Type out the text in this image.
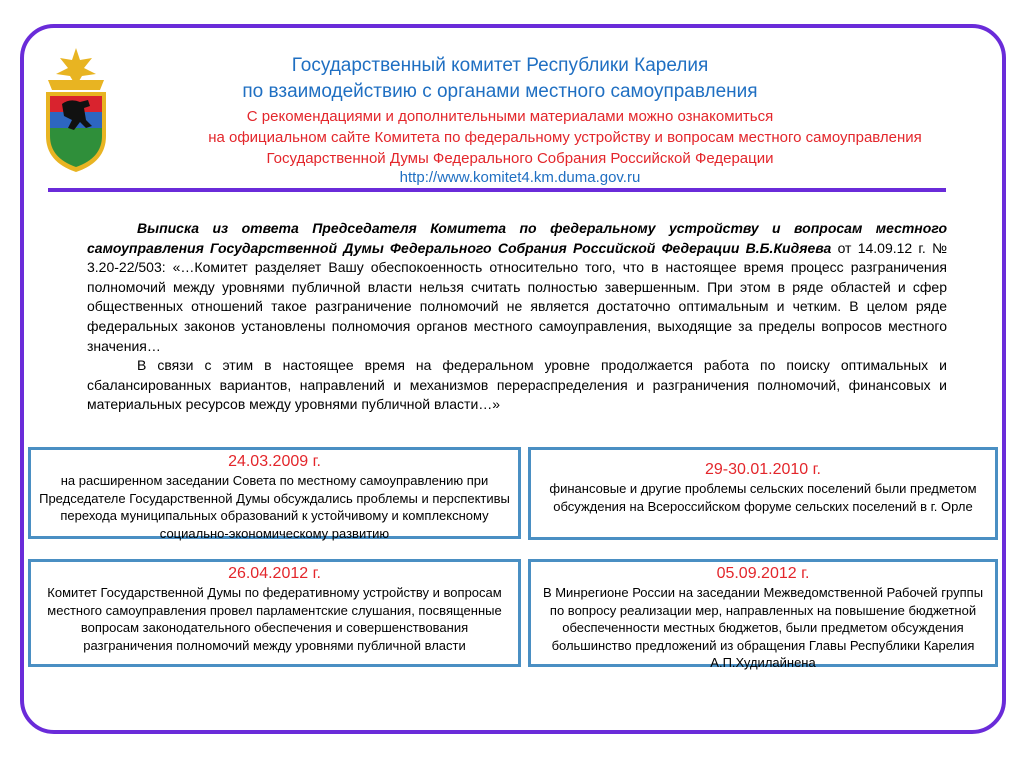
Государственный комитет Республики Карелия
по взаимодействию с органами местного самоуправления
С рекомендациями и дополнительными материалами можно ознакомиться
на официальном сайте Комитета по федеральному устройству и вопросам местного самоуправления
Государственной Думы Федерального Собрания Российской Федерации
http://www.komitet4.km.duma.gov.ru

Выписка из ответа Председателя Комитета по федеральному устройству и вопросам местного самоуправления Государственной Думы Федерального Собрания Российской Федерации В.Б.Кидяева от 14.09.12 г. № 3.20-22/503: «…Комитет разделяет Вашу обеспокоенность относительно того, что в настоящее время процесс разграничения полномочий между уровнями публичной власти нельзя считать полностью завершенным. При этом в ряде областей и сфер общественных отношений такое разграничение полномочий не является достаточно оптимальным и четким. В целом ряде федеральных законов установлены полномочия органов местного самоуправления, выходящие за пределы вопросов местного значения…

В связи с этим в настоящее время на федеральном уровне продолжается работа по поиску оптимальных и сбалансированных вариантов, направлений и механизмов перераспределения и разграничения полномочий, финансовых и материальных ресурсов между уровнями публичной власти…»

24.03.2009 г.
на расширенном заседании Совета по местному самоуправлению при Председателе Государственной Думы обсуждались проблемы и перспективы перехода муниципальных образований к устойчивому и комплексному социально-экономическому развитию
29-30.01.2010 г.
финансовые и другие проблемы сельских поселений были предметом обсуждения на Всероссийском форуме сельских поселений в г. Орле
26.04.2012 г.
Комитет Государственной Думы по федеративному устройству и вопросам местного самоуправления провел парламентские слушания, посвященные вопросам законодательного обеспечения и совершенствования разграничения полномочий между уровнями публичной власти
05.09.2012 г.
В Минрегионе России на заседании Межведомственной Рабочей группы по вопросу реализации мер, направленных на повышение бюджетной обеспеченности местных бюджетов, были предметом обсуждения большинство предложений из обращения Главы Республики Карелия А.П.Худилайнена
